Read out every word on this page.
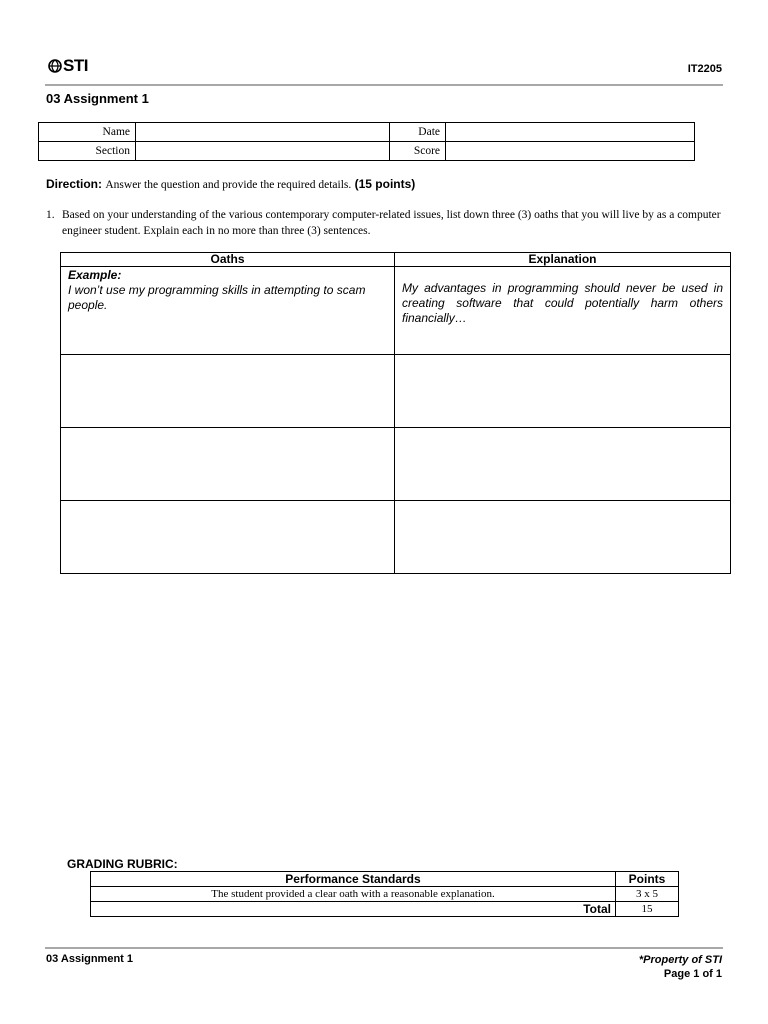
STI	IT2205
03 Assignment 1
Name		Date	
Section		Score	
Direction: Answer the question and provide the required details. (15 points)
1. Based on your understanding of the various contemporary computer-related issues, list down three (3) oaths that you will live by as a computer engineer student. Explain each in no more than three (3) sentences.
Oaths	Explanation

Example:
I won’t use my programming skills in attempting to scam people.	My advantages in programming should never be used in creating software that could potentially harm others financially…

GRADING RUBRIC:
Performance Standards	Points
The student provided a clear oath with a reasonable explanation.	3 x 5
Total	15
03 Assignment 1	*Property of STI
Page 1 of 1
